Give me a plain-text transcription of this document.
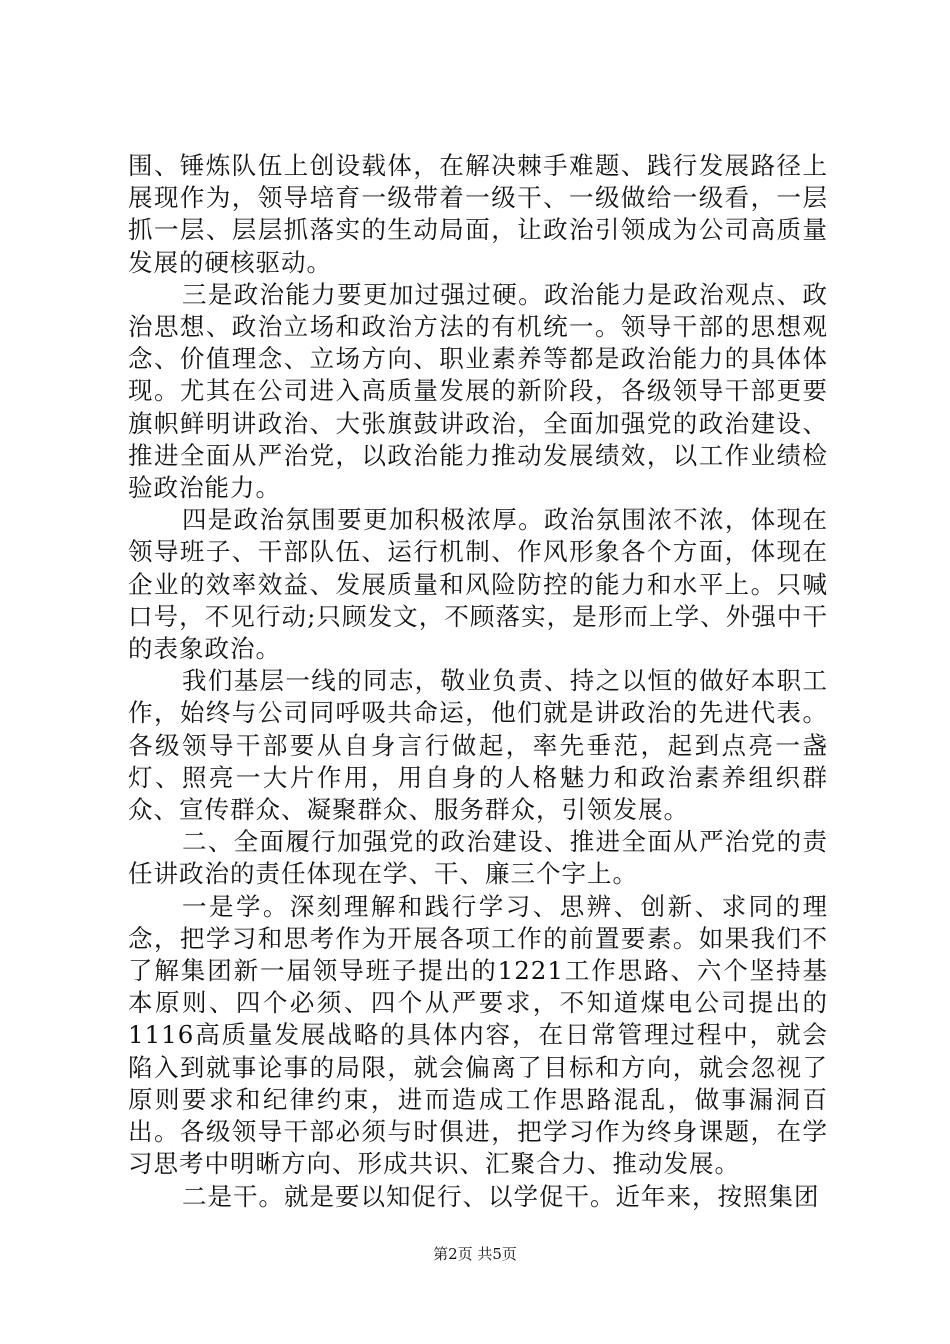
围、锤炼队伍上创设载体，在解决棘手难题、践行发展路径上展现作为，领导培育一级带着一级干、一级做给一级看，一层抓一层、层层抓落实的生动局面，让政治引领成为公司高质量发展的硬核驱动。

三是政治能力要更加过强过硬。政治能力是政治观点、政治思想、政治立场和政治方法的有机统一。领导干部的思想观念、价值理念、立场方向、职业素养等都是政治能力的具体体现。尤其在公司进入高质量发展的新阶段，各级领导干部更要旗帜鲜明讲政治、大张旗鼓讲政治，全面加强党的政治建设、推进全面从严治党，以政治能力推动发展绩效，以工作业绩检验政治能力。

四是政治氛围要更加积极浓厚。政治氛围浓不浓，体现在领导班子、干部队伍、运行机制、作风形象各个方面，体现在企业的效率效益、发展质量和风险防控的能力和水平上。只喊口号，不见行动;只顾发文，不顾落实，是形而上学、外强中干的表象政治。

我们基层一线的同志，敬业负责、持之以恒的做好本职工作，始终与公司同呼吸共命运，他们就是讲政治的先进代表。各级领导干部要从自身言行做起，率先垂范，起到点亮一盏灯、照亮一大片作用，用自身的人格魅力和政治素养组织群众、宣传群众、凝聚群众、服务群众，引领发展。

二、全面履行加强党的政治建设、推进全面从严治党的责任讲政治的责任体现在学、干、廉三个字上。

一是学。深刻理解和践行学习、思辨、创新、求同的理念，把学习和思考作为开展各项工作的前置要素。如果我们不了解集团新一届领导班子提出的1221工作思路、六个坚持基本原则、四个必须、四个从严要求，不知道煤电公司提出的1116高质量发展战略的具体内容，在日常管理过程中，就会陷入到就事论事的局限，就会偏离了目标和方向，就会忽视了原则要求和纪律约束，进而造成工作思路混乱，做事漏洞百出。各级领导干部必须与时俱进，把学习作为终身课题，在学习思考中明晰方向、形成共识、汇聚合力、推动发展。

二是干。就是要以知促行、以学促干。近年来，按照集团

第2页 共5页
